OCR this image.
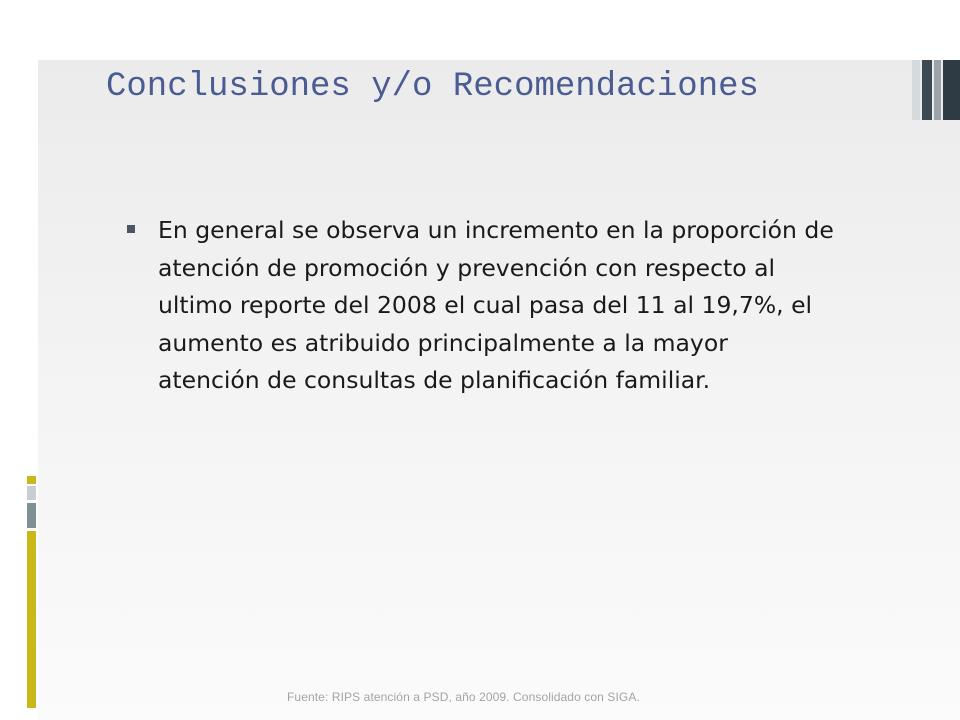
Conclusiones y/o Recomendaciones

En general se observa un incremento en la proporción de
atención de promoción y prevención con respecto al
ultimo reporte del 2008 el cual pasa del 11 al 19,7%, el
aumento es atribuido principalmente a la mayor
atención de consultas de planificación familiar.

Fuente: RIPS atención a PSD, año 2009. Consolidado con SIGA.
